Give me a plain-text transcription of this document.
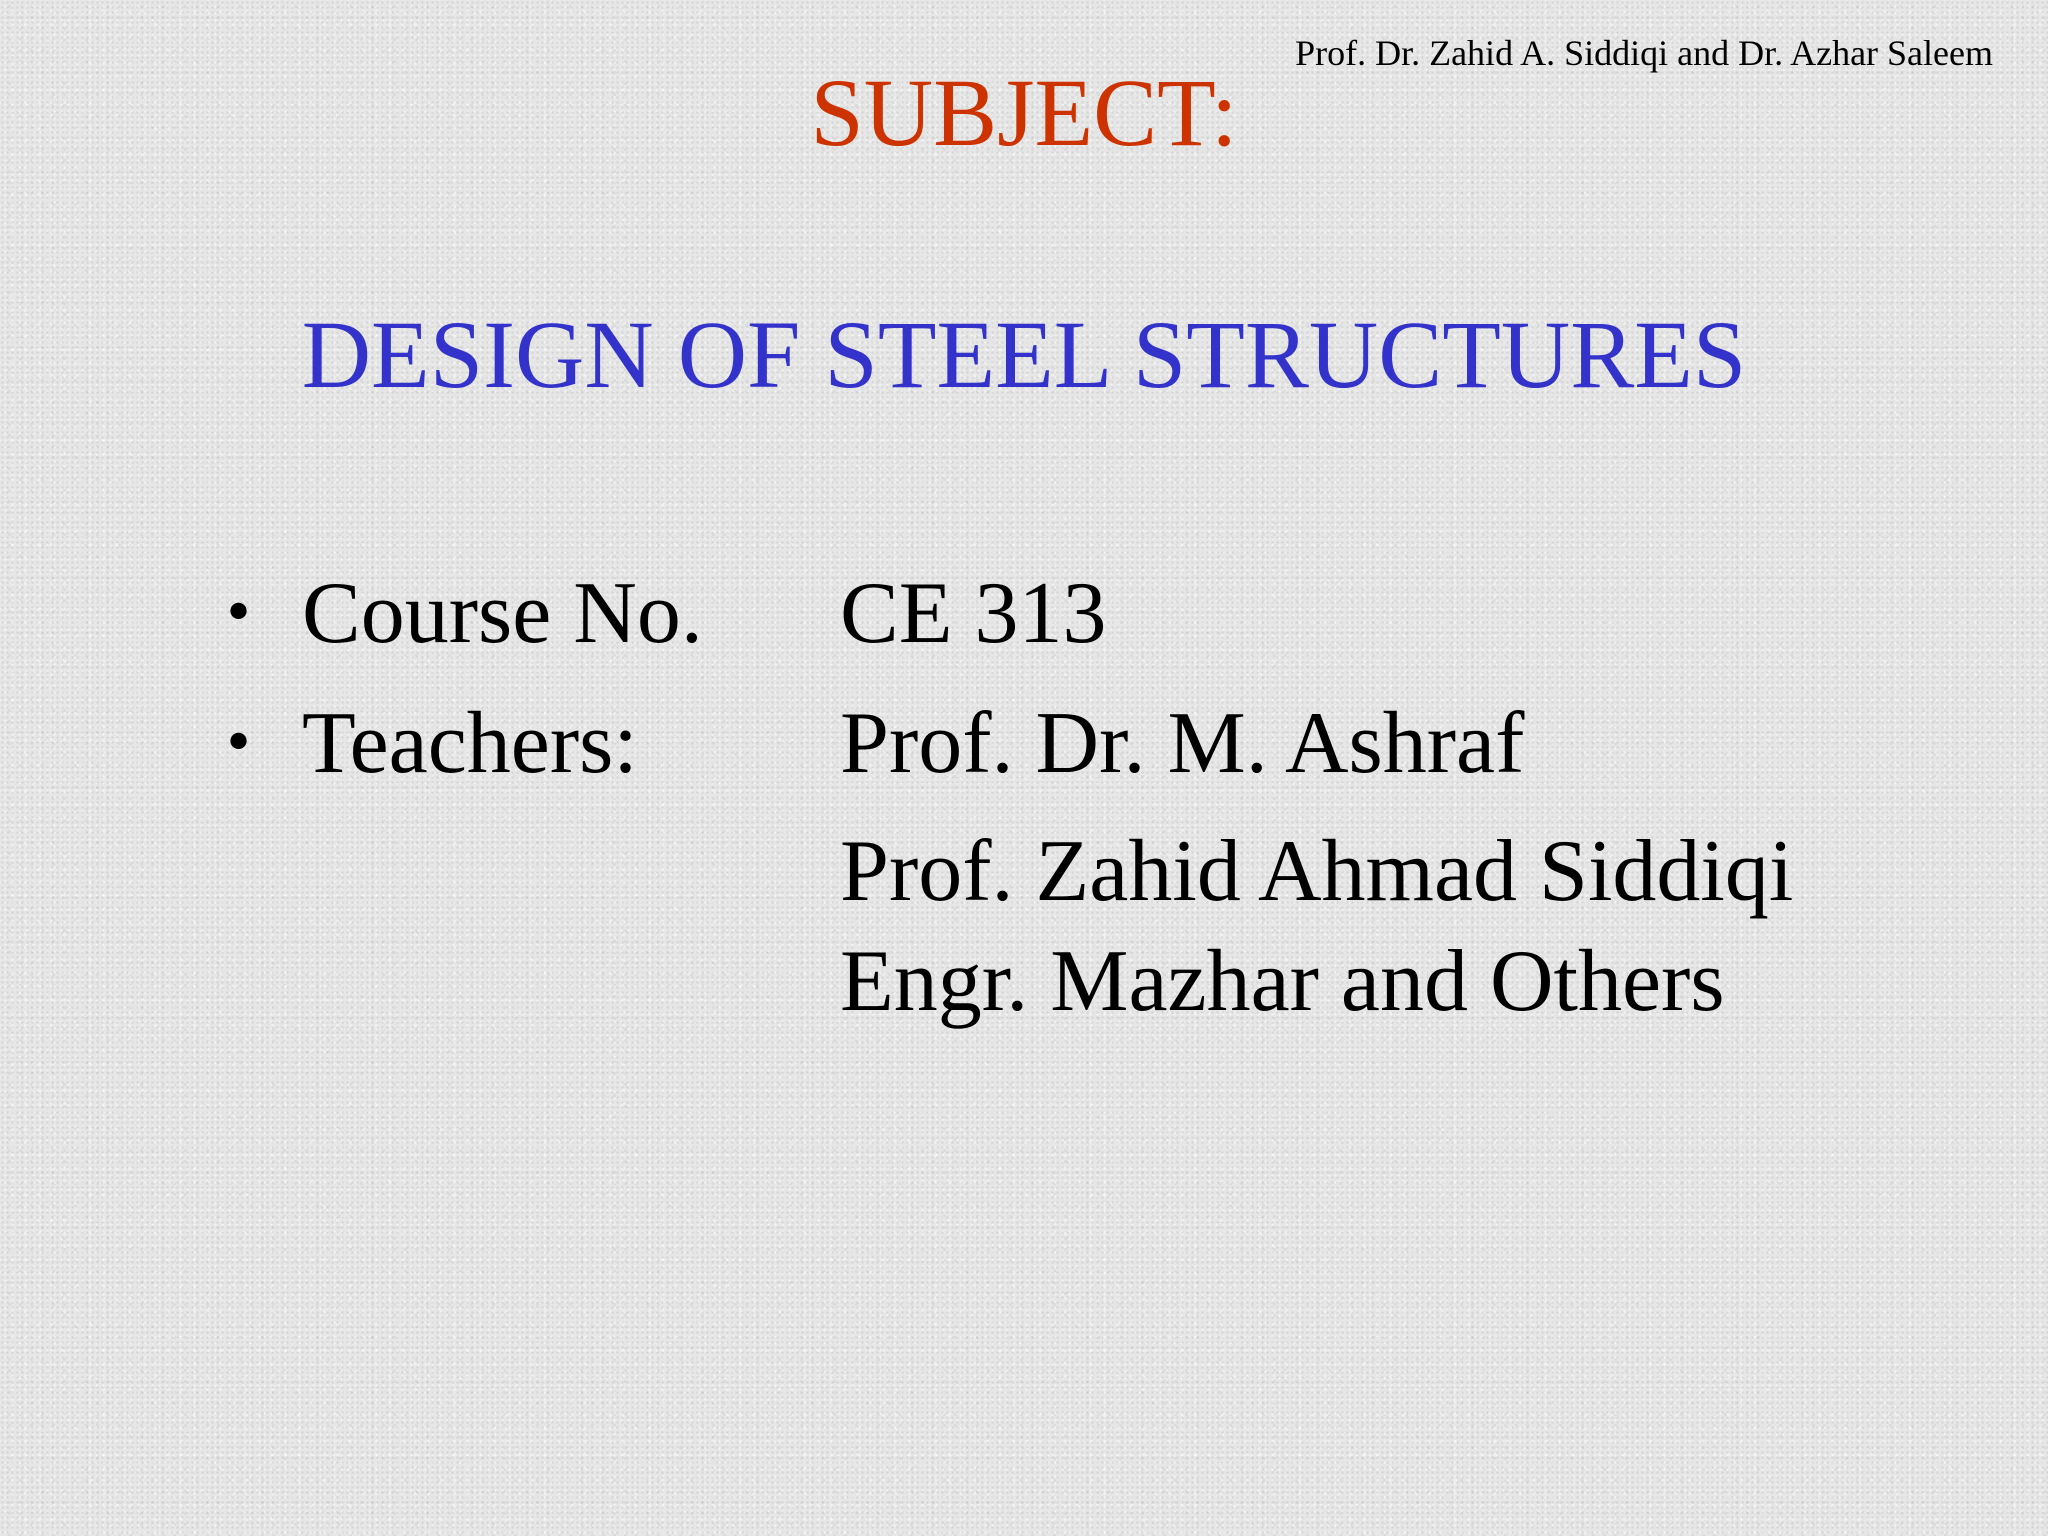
Prof. Dr. Zahid A. Siddiqi and Dr. Azhar Saleem
SUBJECT:
DESIGN OF STEEL STRUCTURES
• Course No. CE 313
• Teachers: Prof. Dr. M. Ashraf
Prof. Zahid Ahmad Siddiqi
Engr. Mazhar and Others
